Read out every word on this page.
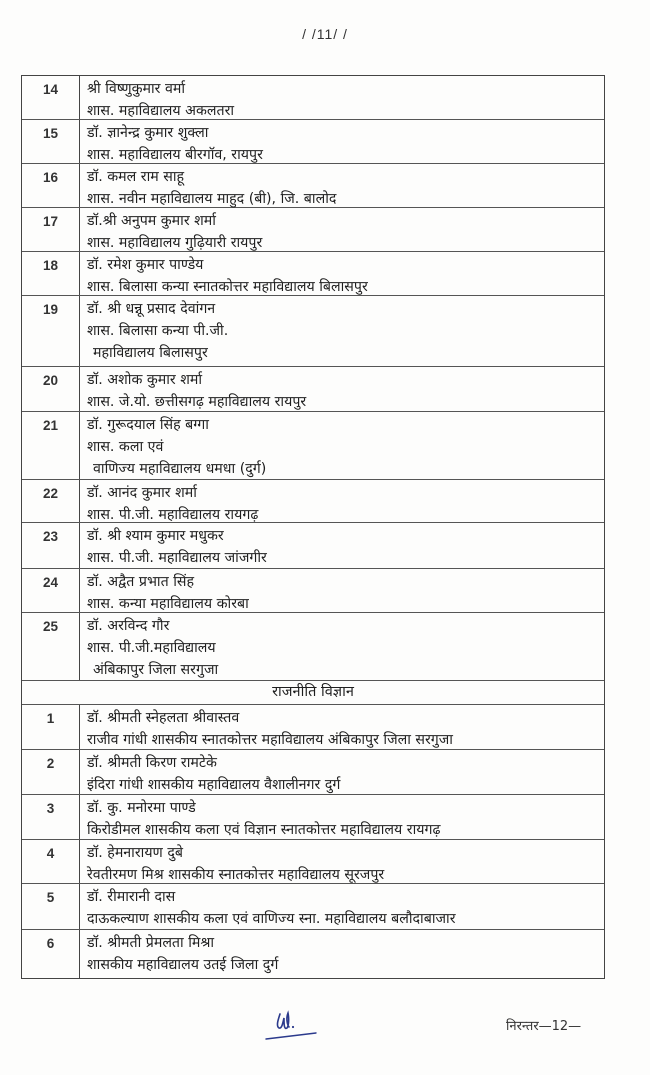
/ /11/ /
14	श्री विष्णुकुमार वर्मा
शास. महाविद्यालय अकलतरा
15	डॉ. ज्ञानेन्द्र कुमार शुक्ला
शास. महाविद्यालय बीरगॉव, रायपुर
16	डॉ. कमल राम साहू
शास. नवीन महाविद्यालय माहुद (बी), जि. बालोद
17	डॉ.श्री अनुपम कुमार शर्मा
शास. महाविद्यालय गुढ़ियारी रायपुर
18	डॉ. रमेश कुमार पाण्डेय
शास. बिलासा कन्या स्नातकोत्तर महाविद्यालय बिलासपुर
19	डॉ. श्री धन्नू प्रसाद देवांगन
शास. बिलासा कन्या पी.जी.
महाविद्यालय बिलासपुर
20	डॉ. अशोक कुमार शर्मा
शास. जे.यो. छत्तीसगढ़ महाविद्यालय रायपुर
21	डॉ. गुरूदयाल सिंह बग्गा
शास. कला एवं
वाणिज्य महाविद्यालय धमधा (दुर्ग)
22	डॉ. आनंद कुमार शर्मा
शास. पी.जी. महाविद्यालय रायगढ़
23	डॉ. श्री श्याम कुमार मधुकर
शास. पी.जी. महाविद्यालय जांजगीर
24	डॉ. अद्वैत प्रभात सिंह
शास. कन्या महाविद्यालय कोरबा
25	डॉ. अरविन्द गौर
शास. पी.जी.महाविद्यालय
अंबिकापुर जिला सरगुजा
राजनीति विज्ञान
1	डॉ. श्रीमती स्नेहलता श्रीवास्तव
राजीव गांधी शासकीय स्नातकोत्तर महाविद्यालय अंबिकापुर जिला सरगुजा
2	डॉ. श्रीमती किरण रामटेके
इंदिरा गांधी शासकीय महाविद्यालय वैशालीनगर दुर्ग
3	डॉ. कु. मनोरमा पाण्डे
किरोडीमल शासकीय कला एवं विज्ञान स्नातकोत्तर महाविद्यालय रायगढ़
4	डॉ. हेमनारायण दुबे
रेवतीरमण मिश्र शासकीय स्नातकोत्तर महाविद्यालय सूरजपुर
5	डॉ. रीमारानी दास
दाऊकल्याण शासकीय कला एवं वाणिज्य स्ना. महाविद्यालय बलौदाबाजार
6	डॉ. श्रीमती प्रेमलता मिश्रा
शासकीय महाविद्यालय उतई जिला दुर्ग
निरन्तर—12—
